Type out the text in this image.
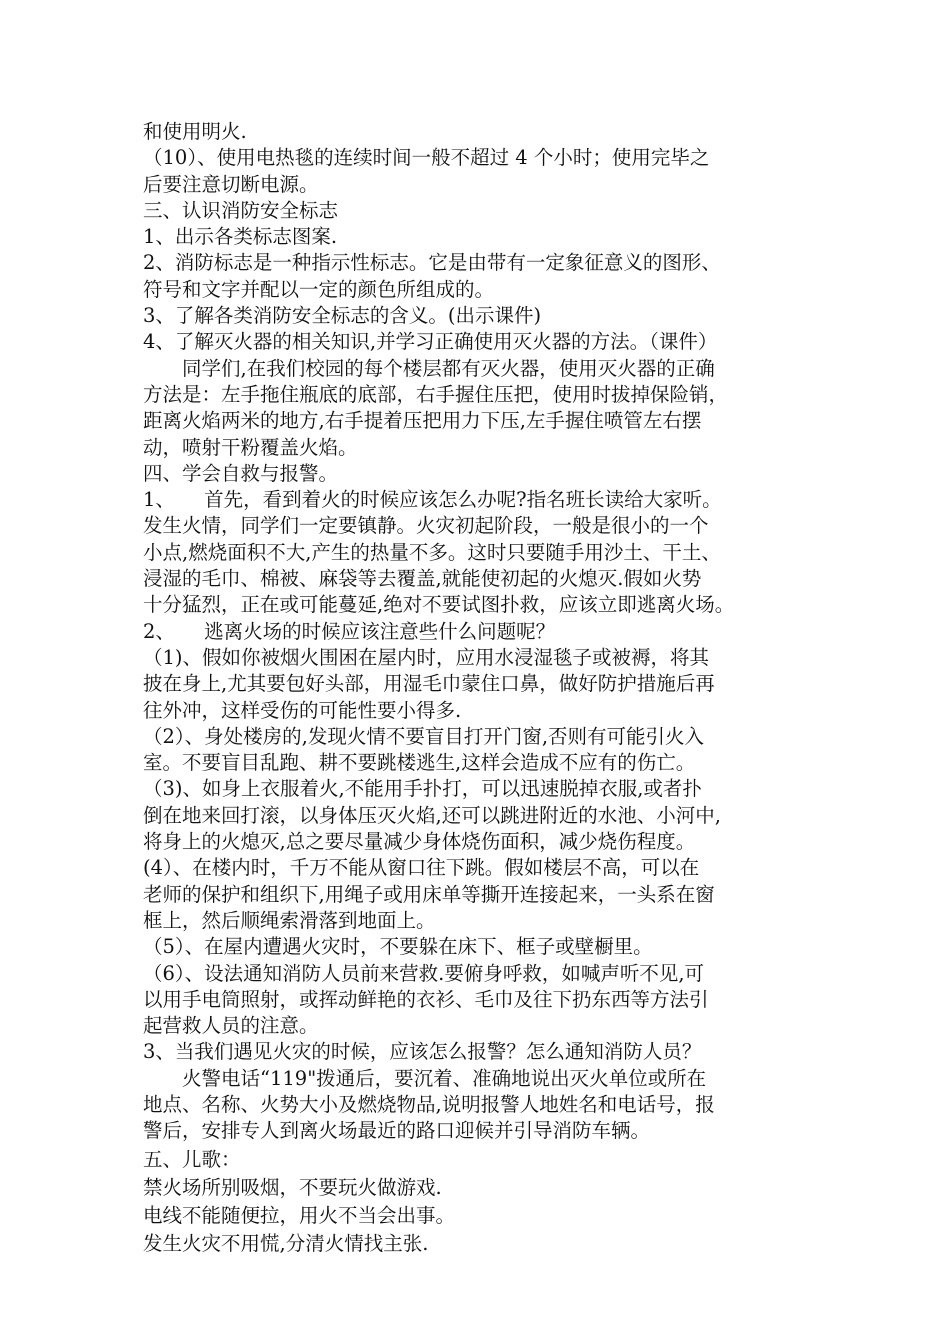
和使用明火.
（10）、使用电热毯的连续时间一般不超过 4 个小时；使用完毕之
后要注意切断电源。
三、认识消防安全标志
1、出示各类标志图案.
2、消防标志是一种指示性标志。它是由带有一定象征意义的图形、
符号和文字并配以一定的颜色所组成的。
3、了解各类消防安全标志的含义。(出示课件)
4、了解灭火器的相关知识,并学习正确使用灭火器的方法。（课件）
　　同学们,在我们校园的每个楼层都有灭火器，使用灭火器的正确
方法是：左手拖住瓶底的底部，右手握住压把，使用时拔掉保险销，
距离火焰两米的地方,右手提着压把用力下压,左手握住喷管左右摆
动，喷射干粉覆盖火焰。
四、学会自救与报警。
1、　　首先，看到着火的时候应该怎么办呢?指名班长读给大家听。
发生火情，同学们一定要镇静。火灾初起阶段，一般是很小的一个
小点,燃烧面积不大,产生的热量不多。这时只要随手用沙土、干土、
浸湿的毛巾、棉被、麻袋等去覆盖,就能使初起的火熄灭.假如火势
十分猛烈，正在或可能蔓延,绝对不要试图扑救，应该立即逃离火场。
2、　　逃离火场的时候应该注意些什么问题呢？
（1)、假如你被烟火围困在屋内时，应用水浸湿毯子或被褥，将其
披在身上,尤其要包好头部，用湿毛巾蒙住口鼻，做好防护措施后再
往外冲，这样受伤的可能性要小得多.
（2）、身处楼房的,发现火情不要盲目打开门窗,否则有可能引火入
室。不要盲目乱跑、耕不要跳楼逃生,这样会造成不应有的伤亡。
（3)、如身上衣服着火,不能用手扑打，可以迅速脱掉衣服,或者扑
倒在地来回打滚，以身体压灭火焰,还可以跳进附近的水池、小河中,
将身上的火熄灭,总之要尽量减少身体烧伤面积，减少烧伤程度。
(4）、在楼内时，千万不能从窗口往下跳。假如楼层不高，可以在
老师的保护和组织下,用绳子或用床单等撕开连接起来，一头系在窗
框上，然后顺绳索滑落到地面上。
（5）、在屋内遭遇火灾时，不要躲在床下、框子或壁橱里。
（6）、设法通知消防人员前来营救.要俯身呼救，如喊声听不见,可
以用手电筒照射，或挥动鲜艳的衣衫、毛巾及往下扔东西等方法引
起营救人员的注意。
3、当我们遇见火灾的时候，应该怎么报警？怎么通知消防人员？
　　火警电话“119"拨通后，要沉着、准确地说出灭火单位或所在
地点、名称、火势大小及燃烧物品,说明报警人地姓名和电话号，报
警后，安排专人到离火场最近的路口迎候并引导消防车辆。
五、儿歌：
禁火场所别吸烟，不要玩火做游戏.
电线不能随便拉，用火不当会出事。
发生火灾不用慌,分清火情找主张.
